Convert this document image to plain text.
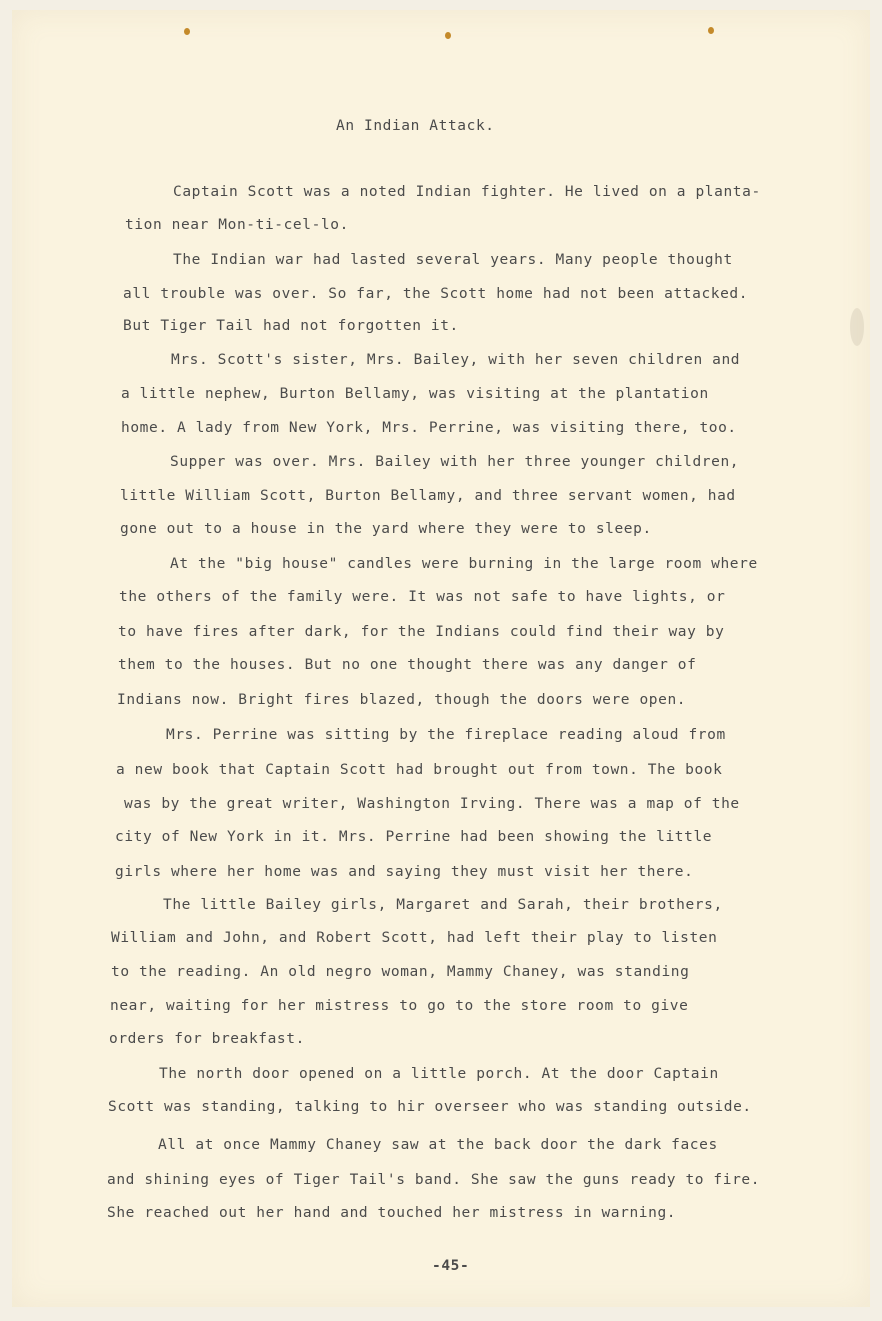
An Indian Attack.
Captain Scott was a noted Indian fighter. He lived on a planta-
tion near Mon-ti-cel-lo.
The Indian war had lasted several years. Many people thought
all trouble was over. So far, the Scott home had not been attacked.
But Tiger Tail had not forgotten it.
Mrs. Scott's sister, Mrs. Bailey, with her seven children and
a little nephew, Burton Bellamy, was visiting at the plantation
home. A lady from New York, Mrs. Perrine, was visiting there, too.
Supper was over. Mrs. Bailey with her three younger children,
little William Scott, Burton Bellamy, and three servant women, had
gone out to a house in the yard where they were to sleep.
At the "big house" candles were burning in the large room where
the others of the family were. It was not safe to have lights, or
to have fires after dark, for the Indians could find their way by
them to the houses. But no one thought there was any danger of
Indians now. Bright fires blazed, though the doors were open.
Mrs. Perrine was sitting by the fireplace reading aloud from
a new book that Captain Scott had brought out from town. The book
was by the great writer, Washington Irving. There was a map of the
city of New York in it. Mrs. Perrine had been showing the little
girls where her home was and saying they must visit her there.
The little Bailey girls, Margaret and Sarah, their brothers,
William and John, and Robert Scott, had left their play to listen
to the reading. An old negro woman, Mammy Chaney, was standing
near, waiting for her mistress to go to the store room to give
orders for breakfast.
The north door opened on a little porch. At the door Captain
Scott was standing, talking to hir overseer who was standing outside.
All at once Mammy Chaney saw at the back door the dark faces
and shining eyes of Tiger Tail's band. She saw the guns ready to fire.
She reached out her hand and touched her mistress in warning.
-45-
